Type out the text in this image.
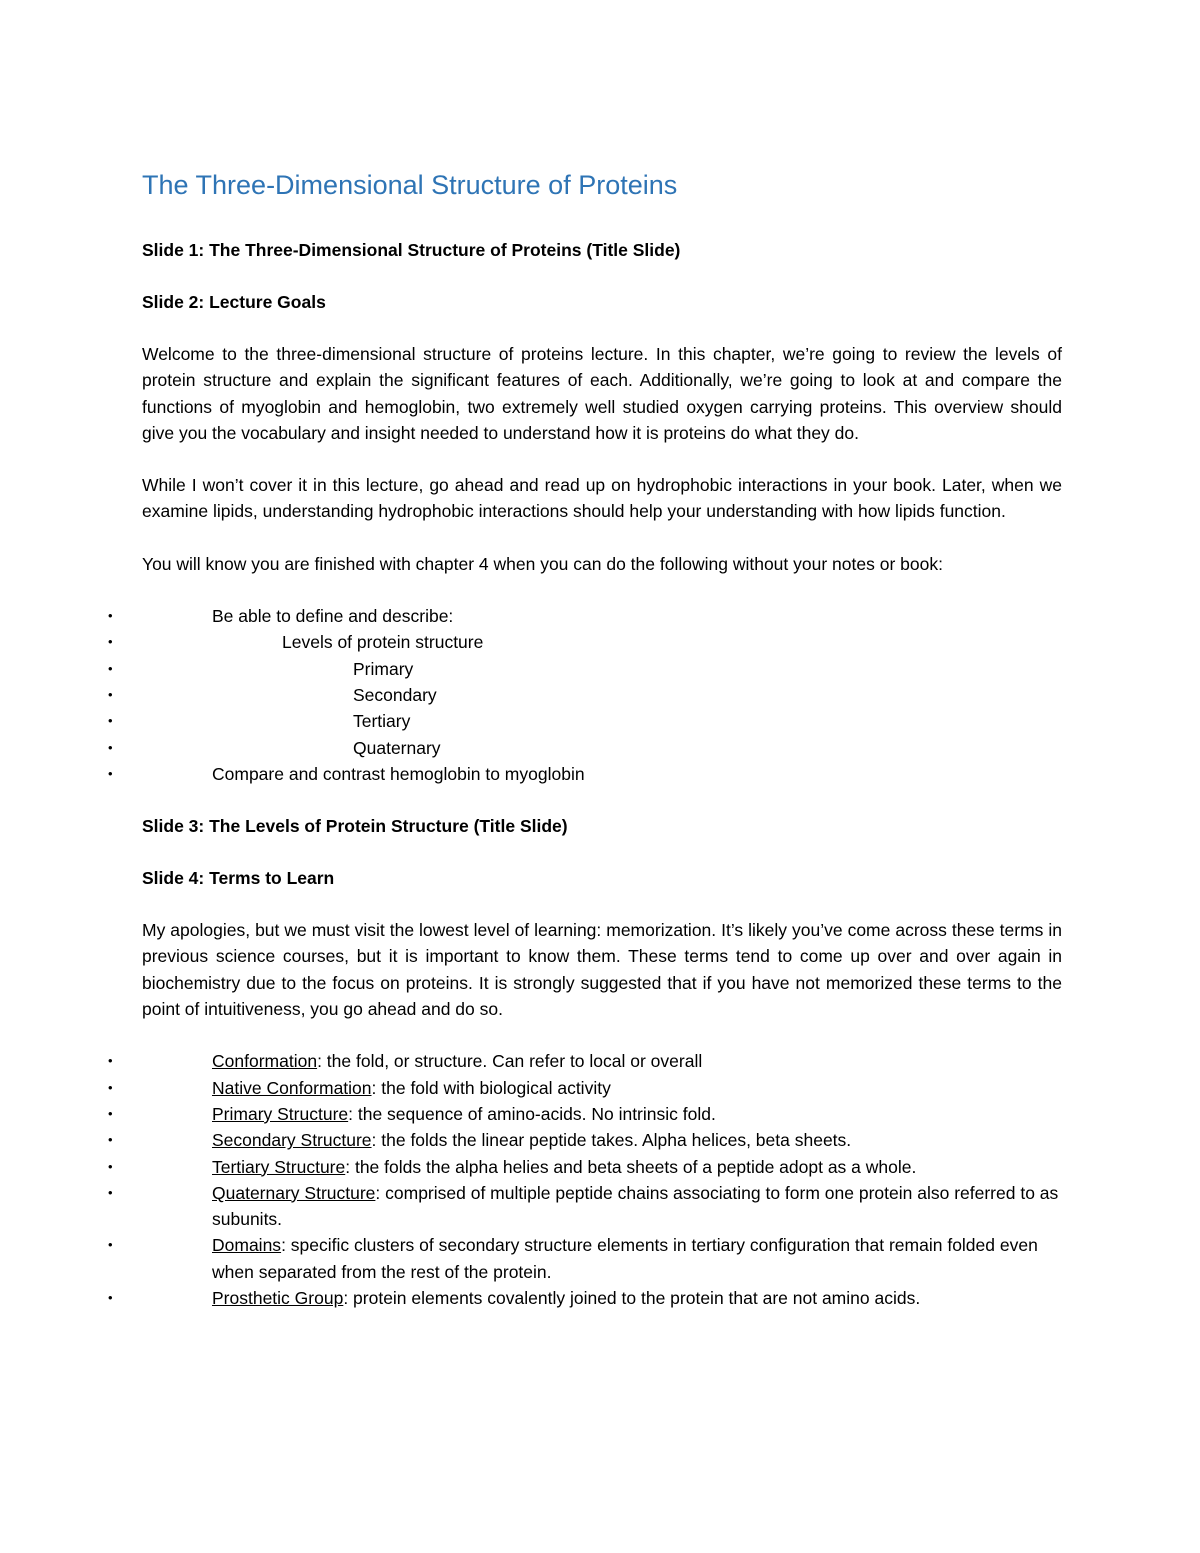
The Three-Dimensional Structure of Proteins
Slide 1: The Three-Dimensional Structure of Proteins (Title Slide)
Slide 2: Lecture Goals

Welcome to the three-dimensional structure of proteins lecture. In this chapter, we’re going to review the levels of protein structure and explain the significant features of each. Additionally, we’re going to look at and compare the functions of myoglobin and hemoglobin, two extremely well studied oxygen carrying proteins. This overview should give you the vocabulary and insight needed to understand how it is proteins do what they do.

While I won’t cover it in this lecture, go ahead and read up on hydrophobic interactions in your book. Later, when we examine lipids, understanding hydrophobic interactions should help your understanding with how lipids function.

You will know you are finished with chapter 4 when you can do the following without your notes or book:

•	Be able to define and describe:
•	Levels of protein structure
•	Primary
•	Secondary
•	Tertiary
•	Quaternary
•	Compare and contrast hemoglobin to myoglobin
Slide 3: The Levels of Protein Structure (Title Slide)
Slide 4: Terms to Learn

My apologies, but we must visit the lowest level of learning: memorization. It’s likely you’ve come across these terms in previous science courses, but it is important to know them. These terms tend to come up over and over again in biochemistry due to the focus on proteins. It is strongly suggested that if you have not memorized these terms to the point of intuitiveness, you go ahead and do so.

•	Conformation: the fold, or structure. Can refer to local or overall
•	Native Conformation: the fold with biological activity
•	Primary Structure: the sequence of amino-acids. No intrinsic fold.
•	Secondary Structure: the folds the linear peptide takes. Alpha helices, beta sheets.
•	Tertiary Structure: the folds the alpha helies and beta sheets of a peptide adopt as a whole.
•	Quaternary Structure: comprised of multiple peptide chains associating to form one protein also referred to as subunits.
•	Domains: specific clusters of secondary structure elements in tertiary configuration that remain folded even when separated from the rest of the protein.
•	Prosthetic Group: protein elements covalently joined to the protein that are not amino acids.
